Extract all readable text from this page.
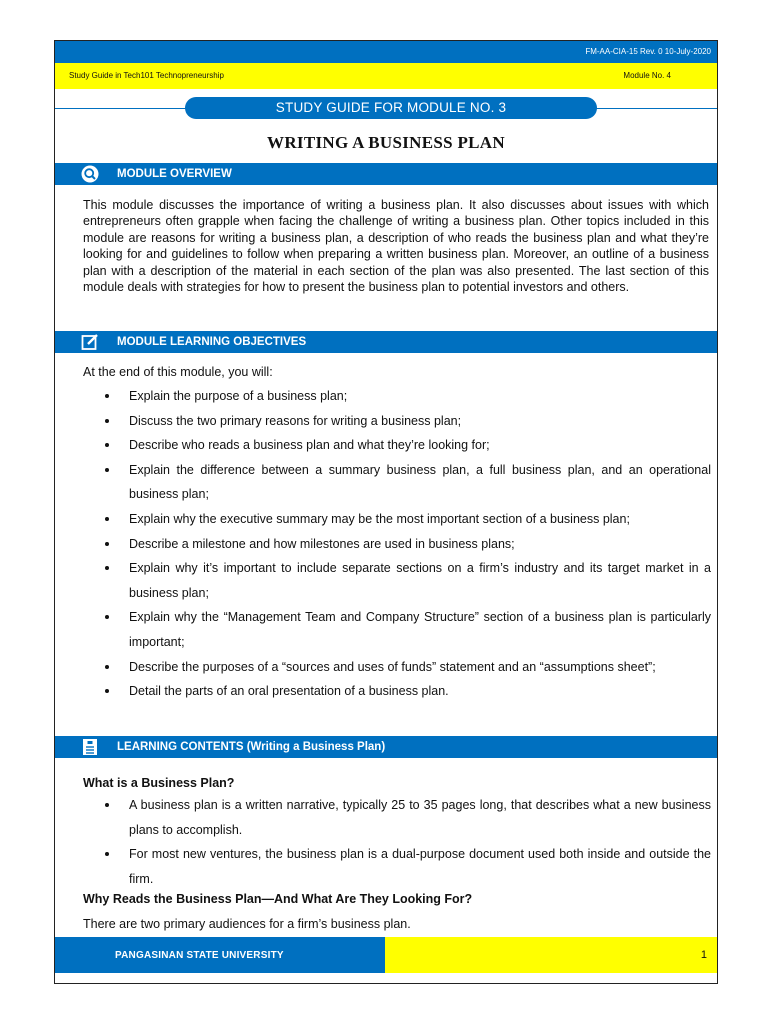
FM-AA-CIA-15 Rev. 0 10-July-2020
Study Guide in Tech101 Technopreneurship	Module No. 4
STUDY GUIDE FOR MODULE NO. 3
WRITING A BUSINESS PLAN
MODULE OVERVIEW
This module discusses the importance of writing a business plan. It also discusses about issues with which entrepreneurs often grapple when facing the challenge of writing a business plan. Other topics included in this module are reasons for writing a business plan, a description of who reads the business plan and what they’re looking for and guidelines to follow when preparing a written business plan. Moreover, an outline of a business plan with a description of the material in each section of the plan was also presented. The last section of this module deals with strategies for how to present the business plan to potential investors and others.
MODULE LEARNING OBJECTIVES
At the end of this module, you will:
Explain the purpose of a business plan;
Discuss the two primary reasons for writing a business plan;
Describe who reads a business plan and what they’re looking for;
Explain the difference between a summary business plan, a full business plan, and an operational business plan;
Explain why the executive summary may be the most important section of a business plan;
Describe a milestone and how milestones are used in business plans;
Explain why it’s important to include separate sections on a firm’s industry and its target market in a business plan;
Explain why the “Management Team and Company Structure” section of a business plan is particularly important;
Describe the purposes of a “sources and uses of funds” statement and an “assumptions sheet”;
Detail the parts of an oral presentation of a business plan.
LEARNING CONTENTS (Writing a Business Plan)
What is a Business Plan?
A business plan is a written narrative, typically 25 to 35 pages long, that describes what a new business plans to accomplish.
For most new ventures, the business plan is a dual-purpose document used both inside and outside the firm.
Why Reads the Business Plan—And What Are They Looking For?
There are two primary audiences for a firm’s business plan.
PANGASINAN STATE UNIVERSITY	1
